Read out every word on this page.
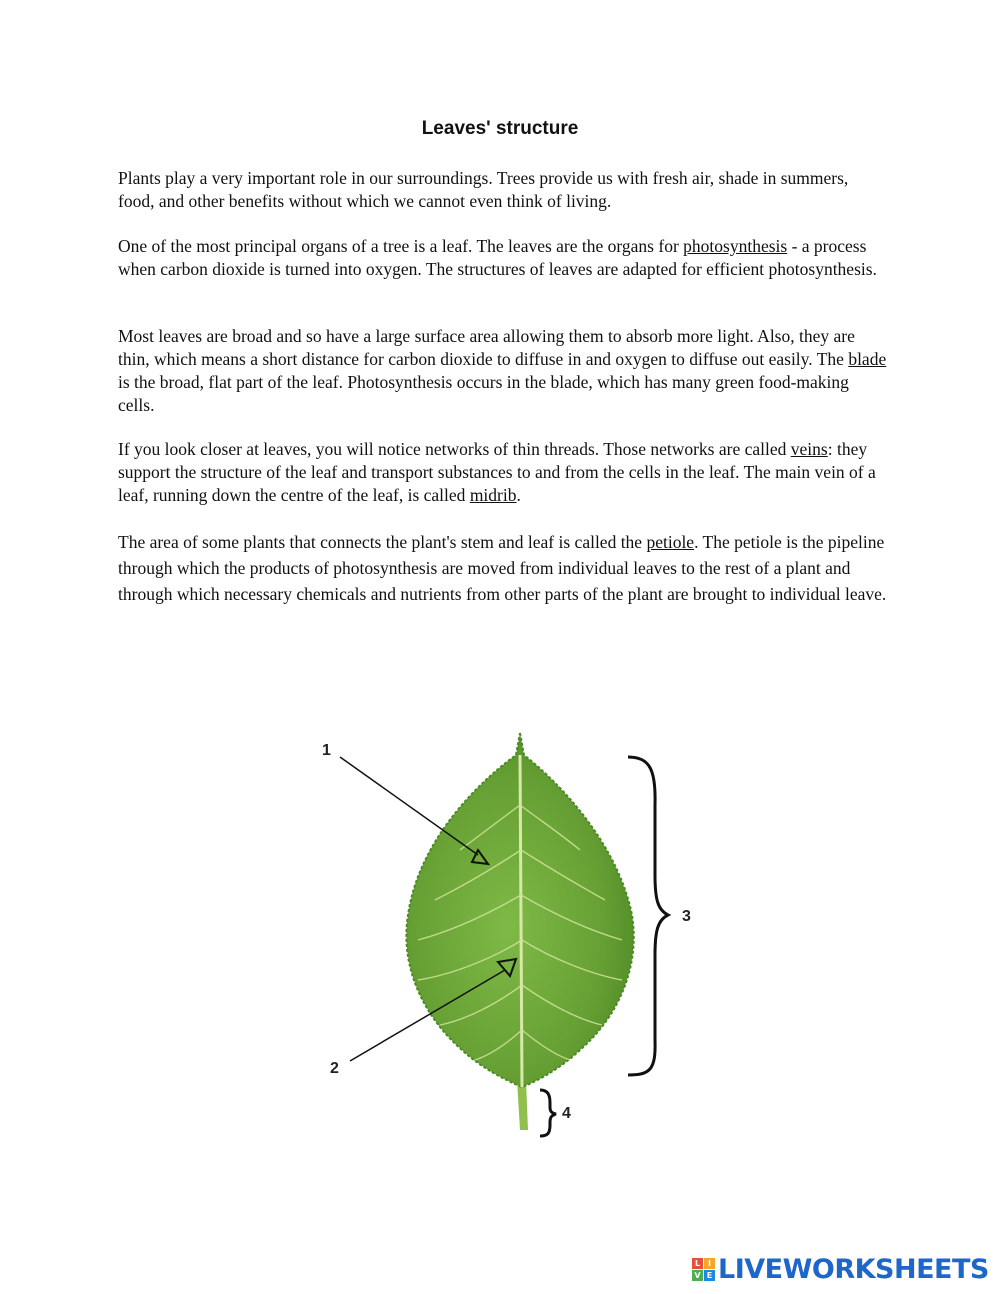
Leaves' structure

Plants play a very important role in our surroundings. Trees provide us with fresh air, shade in summers, food, and other benefits without which we cannot even think of living.

One of the most principal organs of a tree is a leaf. The leaves are the organs for photosynthesis - a process when carbon dioxide is turned into oxygen. The structures of leaves are adapted for efficient photosynthesis.

Most leaves are broad and so have a large surface area allowing them to absorb more light. Also, they are thin, which means a short distance for carbon dioxide to diffuse in and oxygen to diffuse out easily. The blade is the broad, flat part of the leaf. Photosynthesis occurs in the blade, which has many green food-making cells.

If you look closer at leaves, you will notice networks of thin threads. Those networks are called veins: they support the structure of the leaf and transport substances to and from the cells in the leaf. The main vein of a leaf, running down the centre of the leaf, is called midrib.

The area of some plants that connects the plant's stem and leaf is called the petiole. The petiole is the pipeline through which the products of photosynthesis are moved from individual leaves to the rest of a plant and through which necessary chemicals and nutrients from other parts of the plant are brought to individual leave.

1
2
3
4
L I
V E LIVEWORKSHEETS
